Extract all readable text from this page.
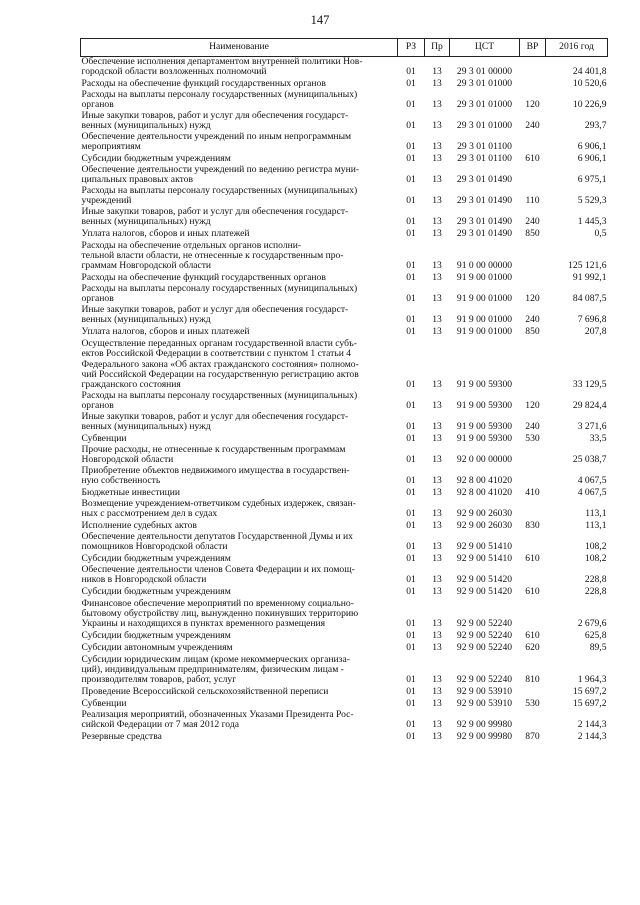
147
Наименование	РЗ	Пр	ЦСТ	ВР	2016 год

Обеспечение исполнения департаментом внутренней политики Нов-
городской области возложенных полномочий	01	13	29 3 01 00000		24 401,8

Расходы на обеспечение функций государственных органов	01	13	29 3 01 01000		10 520,6

Расходы на выплаты персоналу государственных (муниципальных)
органов	01	13	29 3 01 01000	120	10 226,9

Иные закупки товаров, работ и услуг для обеспечения государст-
венных (муниципальных) нужд	01	13	29 3 01 01000	240	293,7

Обеспечение деятельности учреждений по иным непрограммным
мероприятиям	01	13	29 3 01 01100		6 906,1

Субсидии бюджетным учреждениям	01	13	29 3 01 01100	610	6 906,1

Обеспечение деятельности учреждений по ведению регистра муни-
ципальных правовых актов	01	13	29 3 01 01490		6 975,1

Расходы на выплаты персоналу государственных (муниципальных)
учреждений	01	13	29 3 01 01490	110	5 529,3

Иные закупки товаров, работ и услуг для обеспечения государст-
венных (муниципальных) нужд	01	13	29 3 01 01490	240	1 445,3

Уплата налогов, сборов и иных платежей	01	13	29 3 01 01490	850	0,5

Расходы на обеспечение отдельных органов исполни-
тельной власти области, не отнесенные к государственным про-
граммам Новгородской области	01	13	91 0 00 00000		125 121,6

Расходы на обеспечение функций государственных органов	01	13	91 9 00 01000		91 992,1

Расходы на выплаты персоналу государственных (муниципальных)
органов	01	13	91 9 00 01000	120	84 087,5

Иные закупки товаров, работ и услуг для обеспечения государст-
венных (муниципальных) нужд	01	13	91 9 00 01000	240	7 696,8

Уплата налогов, сборов и иных платежей	01	13	91 9 00 01000	850	207,8

Осуществление переданных органам государственной власти субъ-
ектов Российской Федерации в соответствии с пунктом 1 статьи 4
Федерального закона «Об актах гражданского состояния» полномо-
чий Российской Федерации на государственную регистрацию актов
гражданского состояния	01	13	91 9 00 59300		33 129,5

Расходы на выплаты персоналу государственных (муниципальных)
органов	01	13	91 9 00 59300	120	29 824,4

Иные закупки товаров, работ и услуг для обеспечения государст-
венных (муниципальных) нужд	01	13	91 9 00 59300	240	3 271,6

Субвенции	01	13	91 9 00 59300	530	33,5

Прочие расходы, не отнесенные к государственным программам
Новгородской области	01	13	92 0 00 00000		25 038,7

Приобретение объектов недвижимого имущества в государствен-
ную собственность	01	13	92 8 00 41020		4 067,5

Бюджетные инвестиции	01	13	92 8 00 41020	410	4 067,5

Возмещение учреждением-ответчиком судебных издержек, связан-
ных с рассмотрением дел в судах	01	13	92 9 00 26030		113,1

Исполнение судебных актов	01	13	92 9 00 26030	830	113,1

Обеспечение деятельности депутатов Государственной Думы и их
помощников Новгородской области	01	13	92 9 00 51410		108,2

Субсидии бюджетным учреждениям	01	13	92 9 00 51410	610	108,2

Обеспечение деятельности членов Совета Федерации и их помощ-
ников в Новгородской области	01	13	92 9 00 51420		228,8

Субсидии бюджетным учреждениям	01	13	92 9 00 51420	610	228,8

Финансовое обеспечение мероприятий по временному социально-
бытовому обустройству лиц, вынужденно покинувших территорию
Украины и находящихся в пунктах временного размещения	01	13	92 9 00 52240		2 679,6

Субсидии бюджетным учреждениям	01	13	92 9 00 52240	610	625,8

Субсидии автономным учреждениям	01	13	92 9 00 52240	620	89,5

Субсидии юридическим лицам (кроме некоммерческих организа-
ций), индивидуальным предпринимателям, физическим лицам -
производителям товаров, работ, услуг	01	13	92 9 00 52240	810	1 964,3

Проведение Всероссийской сельскохозяйственной переписи	01	13	92 9 00 53910		15 697,2

Субвенции	01	13	92 9 00 53910	530	15 697,2

Реализация мероприятий, обозначенных Указами Президента Рос-
сийской Федерации от 7 мая 2012 года	01	13	92 9 00 99980		2 144,3

Резервные средства	01	13	92 9 00 99980	870	2 144,3
